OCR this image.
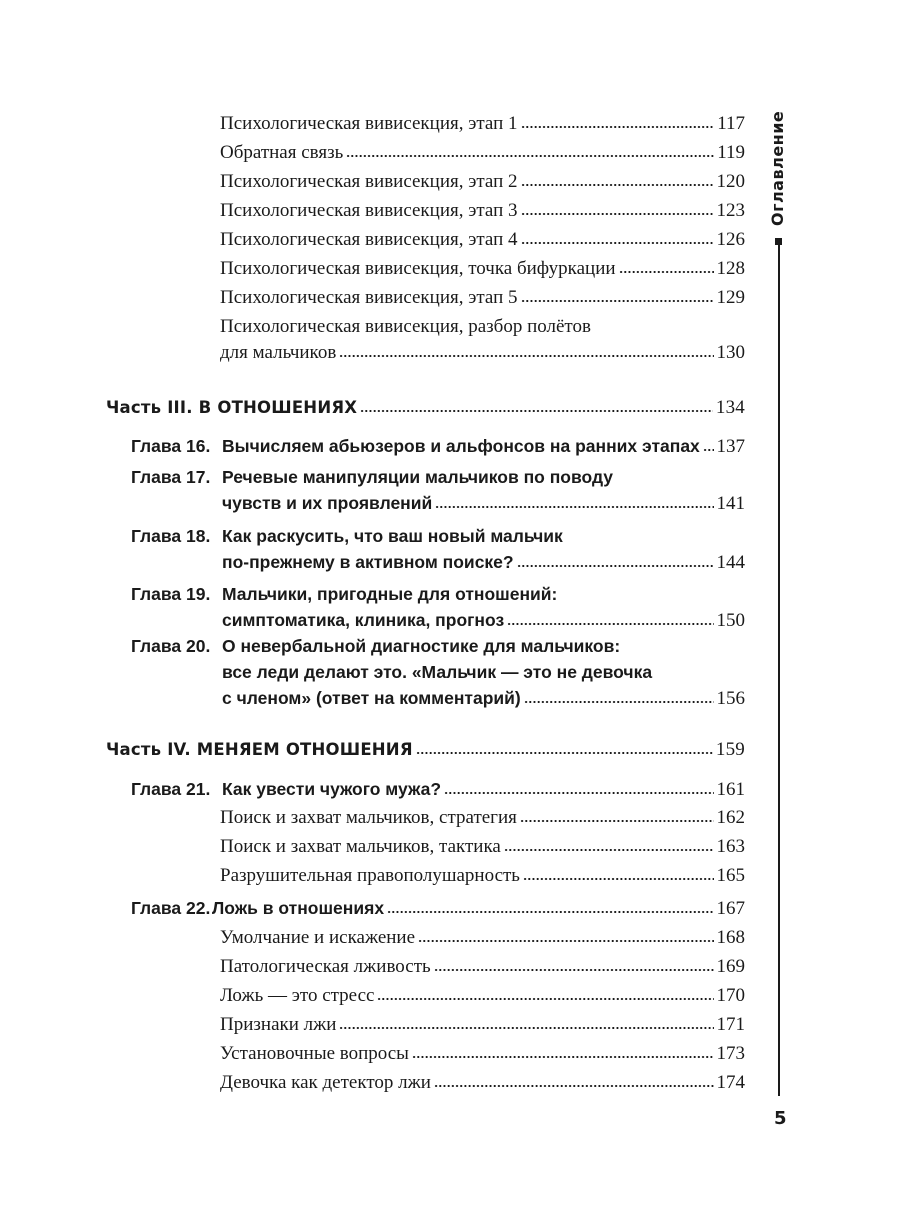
Психологическая вивисекция, этап 1	117
Обратная связь	119
Психологическая вивисекция, этап 2	120
Психологическая вивисекция, этап 3	123
Психологическая вивисекция, этап 4	126
Психологическая вивисекция, точка бифуркации	128
Психологическая вивисекция, этап 5	129
Психологическая вивисекция, разбор полётов
для мальчиков	130
Часть III. В ОТНОШЕНИЯХ	134
Глава 16. Вычисляем абьюзеров и альфонсов на ранних этапах 137
Глава 17. Речевые манипуляции мальчиков по поводу
чувств и их проявлений	141
Глава 18. Как раскусить, что ваш новый мальчик
по-прежнему в активном поиске?	144
Глава 19. Мальчики, пригодные для отношений:
симптоматика, клиника, прогноз	150
Глава 20. О невербальной диагностике для мальчиков:
все леди делают это. «Мальчик — это не девочка
с членом» (ответ на комментарий)	156
Часть IV. МЕНЯЕМ ОТНОШЕНИЯ	159
Глава 21. Как увести чужого мужа?	161
Поиск и захват мальчиков, стратегия	162
Поиск и захват мальчиков, тактика	163
Разрушительная правополушарность	165
Глава 22. Ложь в отношениях	167
Умолчание и искажение	168
Патологическая лживость	169
Ложь — это стресс	170
Признаки лжи	171
Установочные вопросы	173
Девочка как детектор лжи	174
Оглавление
5
